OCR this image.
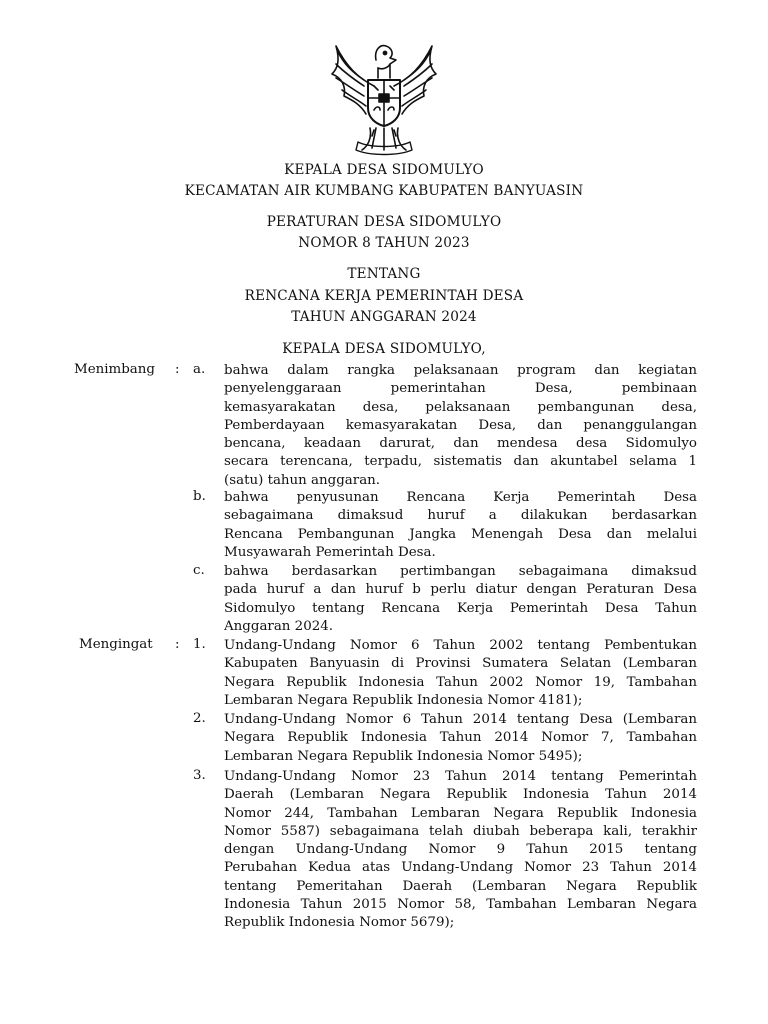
KEPALA DESA SIDOMULYO
KECAMATAN AIR KUMBANG KABUPATEN BANYUASIN
PERATURAN DESA SIDOMULYO
NOMOR 8 TAHUN 2023
TENTANG
RENCANA KERJA PEMERINTAH DESA
TAHUN ANGGARAN 2024
KEPALA DESA SIDOMULYO,
Menimbang : a. bahwa dalam rangka pelaksanaan program dan kegiatan
penyelenggaraan pemerintahan Desa, pembinaan
kemasyarakatan desa, pelaksanaan pembangunan desa,
Pemberdayaan kemasyarakatan Desa, dan penanggulangan
bencana, keadaan darurat, dan mendesa desa Sidomulyo
secara terencana, terpadu, sistematis dan akuntabel selama 1
(satu) tahun anggaran.
b. bahwa penyusunan Rencana Kerja Pemerintah Desa
sebagaimana dimaksud huruf a dilakukan berdasarkan
Rencana Pembangunan Jangka Menengah Desa dan melalui
Musyawarah Pemerintah Desa.
c. bahwa berdasarkan pertimbangan sebagaimana dimaksud
pada huruf a dan huruf b perlu diatur dengan Peraturan Desa
Sidomulyo tentang Rencana Kerja Pemerintah Desa Tahun
Anggaran 2024.
Mengingat : 1. Undang-Undang Nomor 6 Tahun 2002 tentang Pembentukan
Kabupaten Banyuasin di Provinsi Sumatera Selatan (Lembaran
Negara Republik Indonesia Tahun 2002 Nomor 19, Tambahan
Lembaran Negara Republik Indonesia Nomor 4181);
2. Undang-Undang Nomor 6 Tahun 2014 tentang Desa (Lembaran
Negara Republik Indonesia Tahun 2014 Nomor 7, Tambahan
Lembaran Negara Republik Indonesia Nomor 5495);
3. Undang-Undang Nomor 23 Tahun 2014 tentang Pemerintah
Daerah (Lembaran Negara Republik Indonesia Tahun 2014
Nomor 244, Tambahan Lembaran Negara Republik Indonesia
Nomor 5587) sebagaimana telah diubah beberapa kali, terakhir
dengan Undang-Undang Nomor 9 Tahun 2015 tentang
Perubahan Kedua atas Undang-Undang Nomor 23 Tahun 2014
tentang Pemeritahan Daerah (Lembaran Negara Republik
Indonesia Tahun 2015 Nomor 58, Tambahan Lembaran Negara
Republik Indonesia Nomor 5679);
